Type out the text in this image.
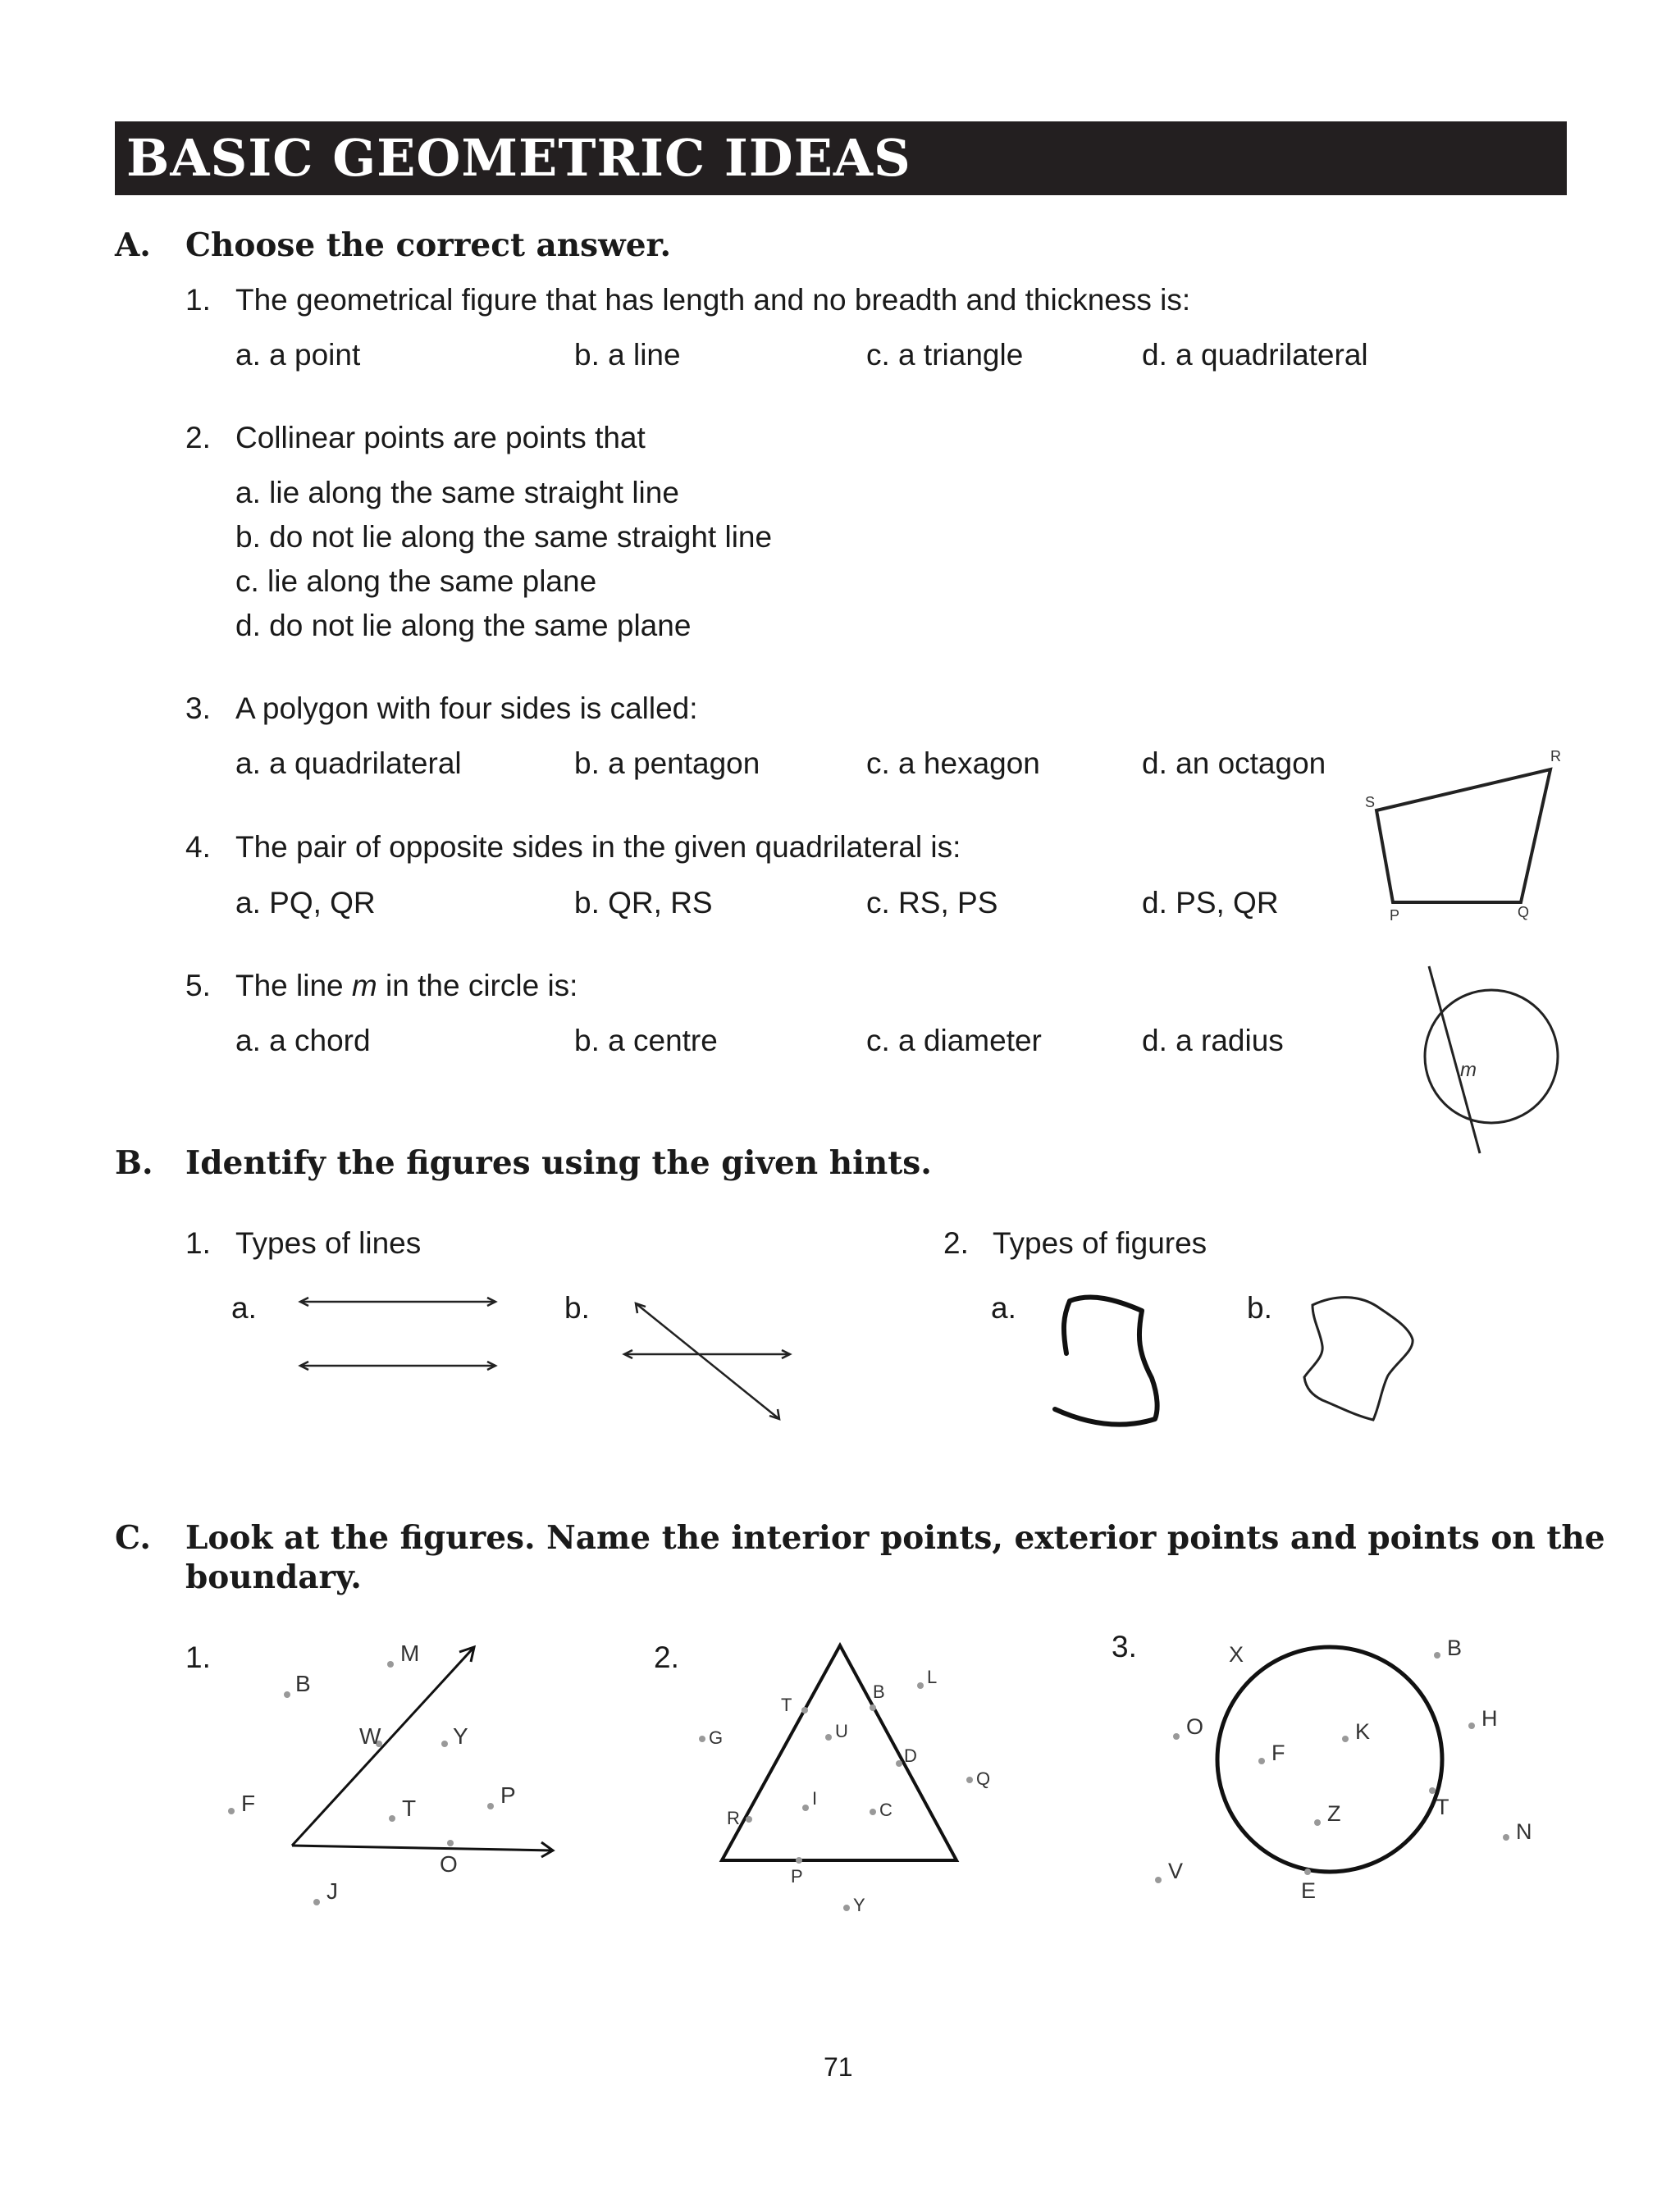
BASIC GEOMETRIC IDEAS
A. Choose the correct answer.
1. The geometrical figure that has length and no breadth and thickness is:
a. a point	b. a line	c. a triangle	d. a quadrilateral
2. Collinear points are points that
a. lie along the same straight line
b. do not lie along the same straight line
c. lie along the same plane
d. do not lie along the same plane
3. A polygon with four sides is called:
a. a quadrilateral	b. a pentagon	c. a hexagon	d. an octagon
4. The pair of opposite sides in the given quadrilateral is:
a. PQ, QR	b. QR, RS	c. RS, PS	d. PS, QR
S
R
P	Q
5. The line m in the circle is:
a. a chord	b. a centre	c. a diameter	d. a radius
m
B. Identify the figures using the given hints.
1. Types of lines	2. Types of figures
a.	b.	a.	b.
C. Look at the figures. Name the interior points, exterior points and points on the
boundary.
1.	2.	3.
M
B
W	Y
F	T
P
O
J
T
B
L
U
G
D
Q
R
I
C
P
Y
X	B
O	H
F
K
T
Z
N
V
E
71
